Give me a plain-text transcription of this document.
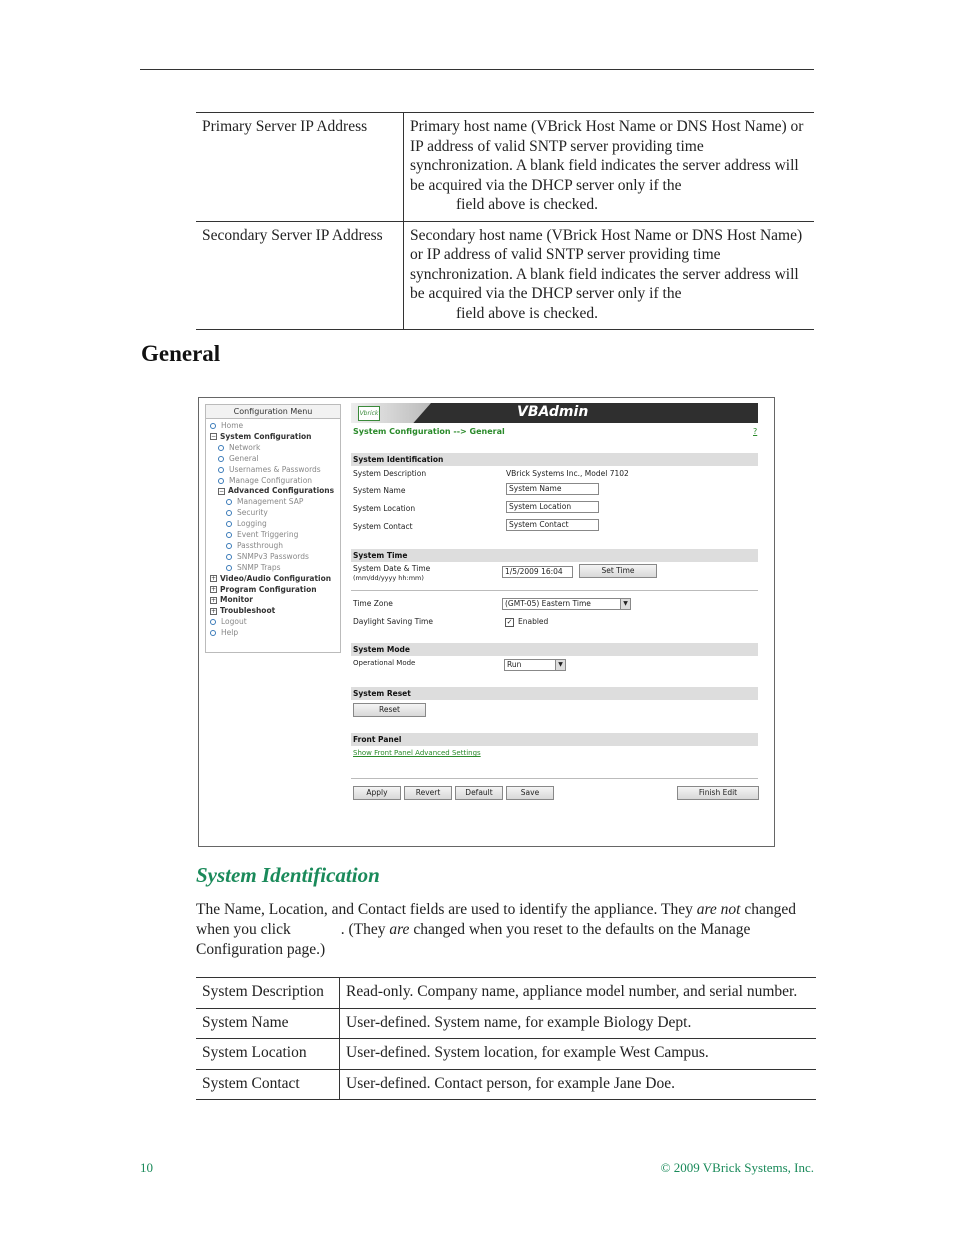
Primary Server IP Address	Primary host name (VBrick Host Name or DNS Host Name) or IP address of valid SNTP server providing time synchronization. A blank field indicates the server address will be acquired via the DHCP server only if the
field above is checked.
Secondary Server IP Address	Secondary host name (VBrick Host Name or DNS Host Name) or IP address of valid SNTP server providing time synchronization. A blank field indicates the server address will be acquired via the DHCP server only if the
field above is checked.
General
Configuration Menu
Home
− System Configuration
Network
General
Usernames & Passwords
Manage Configuration
− Advanced Configurations
Management SAP
Security
Logging
Event Triggering
Passthrough
SNMPv3 Passwords
SNMP Traps
+ Video/Audio Configuration
+ Program Configuration
+ Monitor
+ Troubleshoot
Logout
Help
Vbrick	VBAdmin
System Configuration --> General	?
System Identification
System Description	VBrick Systems Inc., Model 7102
System Name	System Name
System Location	System Location
System Contact	System Contact
System Time
System Date & Time
(mm/dd/yyyy hh:mm)
1/5/2009 16:04	Set Time
Time Zone	(GMT-05) Eastern Time	▼
Daylight Saving Time	✓ Enabled
System Mode
Operational Mode	Run	▼
System Reset
Reset
Front Panel
Show Front Panel Advanced Settings
Apply	Revert	Default	Save	Finish Edit
System Identification
The Name, Location, and Contact fields are used to identify the appliance. They are not changed when you click	. (They are changed when you reset to the defaults on the Manage Configuration page.)
System Description	Read-only. Company name, appliance model number, and serial number.
System Name	User-defined. System name, for example Biology Dept.
System Location	User-defined. System location, for example West Campus.
System Contact	User-defined. Contact person, for example Jane Doe.
10	© 2009 VBrick Systems, Inc.
